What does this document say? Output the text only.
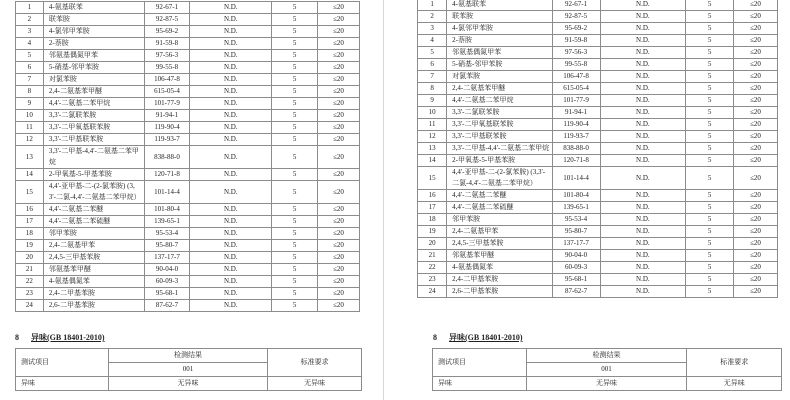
1	4-氨基联苯	92-67-1	N.D.	5	≤20
2	联苯胺	92-87-5	N.D.	5	≤20
3	4-氯邻甲苯胺	95-69-2	N.D.	5	≤20
4	2-萘胺	91-59-8	N.D.	5	≤20
5	邻氨基偶氮甲苯	97-56-3	N.D.	5	≤20
6	5-硝基-邻甲苯胺	99-55-8	N.D.	5	≤20
7	对氯苯胺	106-47-8	N.D.	5	≤20
8	2,4-二氨基苯甲醚	615-05-4	N.D.	5	≤20
9	4,4'-二氨基二苯甲烷	101-77-9	N.D.	5	≤20
10	3,3'-二氯联苯胺	91-94-1	N.D.	5	≤20
11	3,3'-二甲氧基联苯胺	119-90-4	N.D.	5	≤20
12	3,3'-二甲基联苯胺	119-93-7	N.D.	5	≤20
13	3,3'-二甲基-4,4'-二氨基二苯甲烷	838-88-0	N.D.	5	≤20
14	2-甲氧基-5-甲基苯胺	120-71-8	N.D.	5	≤20
15	4,4'-亚甲基-二-(2-氯苯胺) (3,3'-二氯-4,4'-二氨基二苯甲烷）	101-14-4	N.D.	5	≤20
16	4,4'-二氨基二苯醚	101-80-4	N.D.	5	≤20
17	4,4'-二氨基二苯硫醚	139-65-1	N.D.	5	≤20
18	邻甲苯胺	95-53-4	N.D.	5	≤20
19	2,4-二氨基甲苯	95-80-7	N.D.	5	≤20
20	2,4,5-三甲基苯胺	137-17-7	N.D.	5	≤20
21	邻氨基苯甲醚	90-04-0	N.D.	5	≤20
22	4-氨基偶氮苯	60-09-3	N.D.	5	≤20
23	2,4-二甲基苯胺	95-68-1	N.D.	5	≤20
24	2,6-二甲基苯胺	87-62-7	N.D.	5	≤20
8 异味(GB 18401-2010)
测试项目	检测结果	标准要求
	001	
异味	无异味	无异味
1	4-氨基联苯	92-67-1	N.D.	5	≤20
2	联苯胺	92-87-5	N.D.	5	≤20
3	4-氯邻甲苯胺	95-69-2	N.D.	5	≤20
4	2-萘胺	91-59-8	N.D.	5	≤20
5	邻氨基偶氮甲苯	97-56-3	N.D.	5	≤20
6	5-硝基-邻甲苯胺	99-55-8	N.D.	5	≤20
7	对氯苯胺	106-47-8	N.D.	5	≤20
8	2,4-二氨基苯甲醚	615-05-4	N.D.	5	≤20
9	4,4'-二氨基二苯甲烷	101-77-9	N.D.	5	≤20
10	3,3'-二氯联苯胺	91-94-1	N.D.	5	≤20
11	3,3'-二甲氧基联苯胺	119-90-4	N.D.	5	≤20
12	3,3'-二甲基联苯胺	119-93-7	N.D.	5	≤20
13	3,3'-二甲基-4,4'-二氨基二苯甲烷	838-88-0	N.D.	5	≤20
14	2-甲氧基-5-甲基苯胺	120-71-8	N.D.	5	≤20
15	4,4'-亚甲基-二-(2-氯苯胺) (3,3'-二氯-4,4'-二氨基二苯甲烷）	101-14-4	N.D.	5	≤20
16	4,4'-二氨基二苯醚	101-80-4	N.D.	5	≤20
17	4,4'-二氨基二苯硫醚	139-65-1	N.D.	5	≤20
18	邻甲苯胺	95-53-4	N.D.	5	≤20
19	2,4-二氨基甲苯	95-80-7	N.D.	5	≤20
20	2,4,5-三甲基苯胺	137-17-7	N.D.	5	≤20
21	邻氨基苯甲醚	90-04-0	N.D.	5	≤20
22	4-氨基偶氮苯	60-09-3	N.D.	5	≤20
23	2,4-二甲基苯胺	95-68-1	N.D.	5	≤20
24	2,6-二甲基苯胺	87-62-7	N.D.	5	≤20
8 异味(GB 18401-2010)
测试项目	检测结果	标准要求
	001	
异味	无异味	无异味
